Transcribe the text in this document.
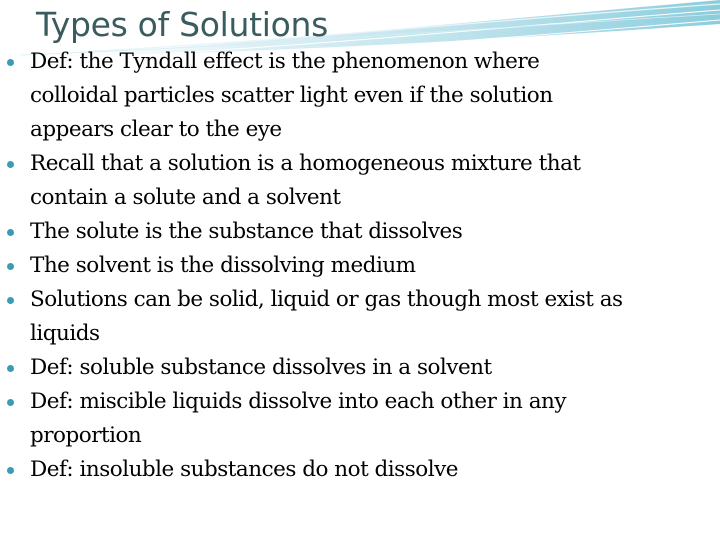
Types of Solutions
Def: the Tyndall effect is the phenomenon where
colloidal particles scatter light even if the solution
appears clear to the eye
Recall that a solution is a homogeneous mixture that
contain a solute and a solvent
The solute is the substance that dissolves
The solvent is the dissolving medium
Solutions can be solid, liquid or gas though most exist as
liquids
Def: soluble substance dissolves in a solvent
Def: miscible liquids dissolve into each other in any
proportion
Def: insoluble substances do not dissolve
